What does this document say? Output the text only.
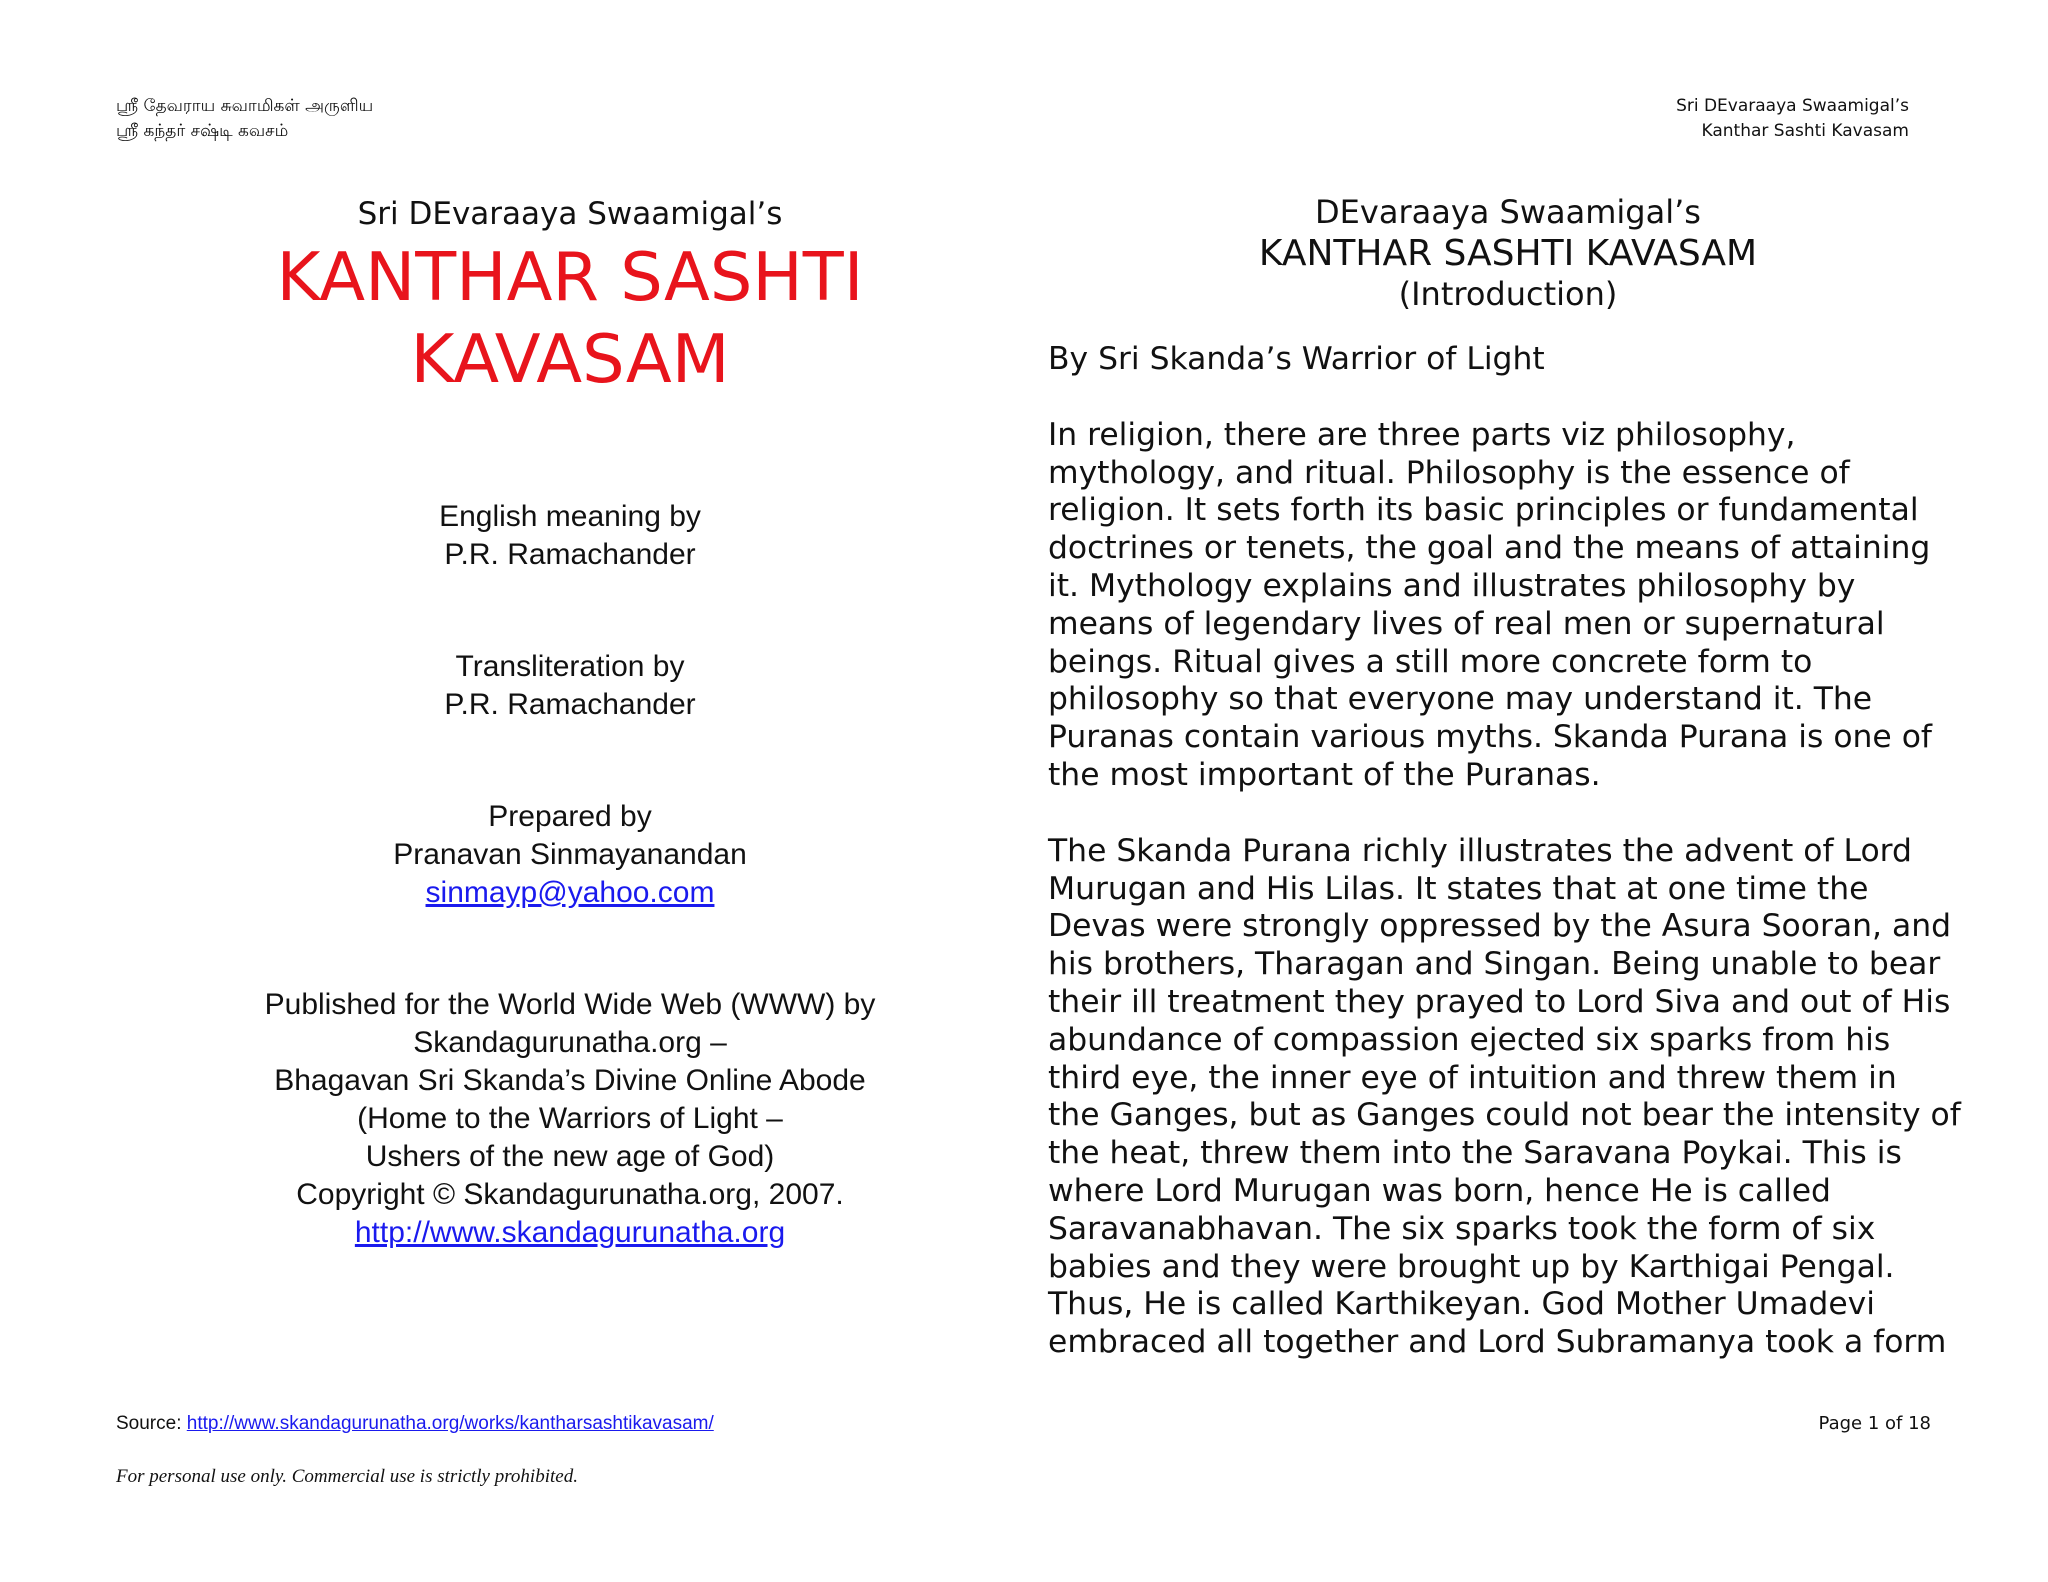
ஸ்ரீ தேவராய சுவாமிகள் அருளிய
ஸ்ரீ கந்தர் சஷ்டி கவசம்
Sri DEvaraaya Swaamigal’s
Kanthar Sashti Kavasam

Sri DEvaraaya Swaamigal’s

KANTHAR SASHTI
KAVASAM

English meaning by

P.R. Ramachander

Transliteration by

P.R. Ramachander

Prepared by

Pranavan Sinmayanandan

sinmayp@yahoo.com

Published for the World Wide Web (WWW) by

Skandagurunatha.org –

Bhagavan Sri Skanda’s Divine Online Abode

(Home to the Warriors of Light –

Ushers of the new age of God)

Copyright © Skandagurunatha.org, 2007.

http://www.skandagurunatha.org

DEvaraaya Swaamigal’s
KANTHAR SASHTI KAVASAM
(Introduction)

By Sri Skanda’s Warrior of Light

In religion, there are three parts viz philosophy,

mythology, and ritual. Philosophy is the essence of

religion. It sets forth its basic principles or fundamental

doctrines or tenets, the goal and the means of attaining

it. Mythology explains and illustrates philosophy by

means of legendary lives of real men or supernatural

beings. Ritual gives a still more concrete form to

philosophy so that everyone may understand it. The

Puranas contain various myths. Skanda Purana is one of

the most important of the Puranas.

The Skanda Purana richly illustrates the advent of Lord

Murugan and His Lilas. It states that at one time the

Devas were strongly oppressed by the Asura Sooran, and

his brothers, Tharagan and Singan. Being unable to bear

their ill treatment they prayed to Lord Siva and out of His

abundance of compassion ejected six sparks from his

third eye, the inner eye of intuition and threw them in

the Ganges, but as Ganges could not bear the intensity of

the heat, threw them into the Saravana Poykai. This is

where Lord Murugan was born, hence He is called

Saravanabhavan. The six sparks took the form of six

babies and they were brought up by Karthigai Pengal.

Thus, He is called Karthikeyan. God Mother Umadevi

embraced all together and Lord Subramanya took a form

Source: http://www.skandagurunatha.org/works/kantharsashtikavasam/	Page 1 of 18
For personal use only. Commercial use is strictly prohibited.
